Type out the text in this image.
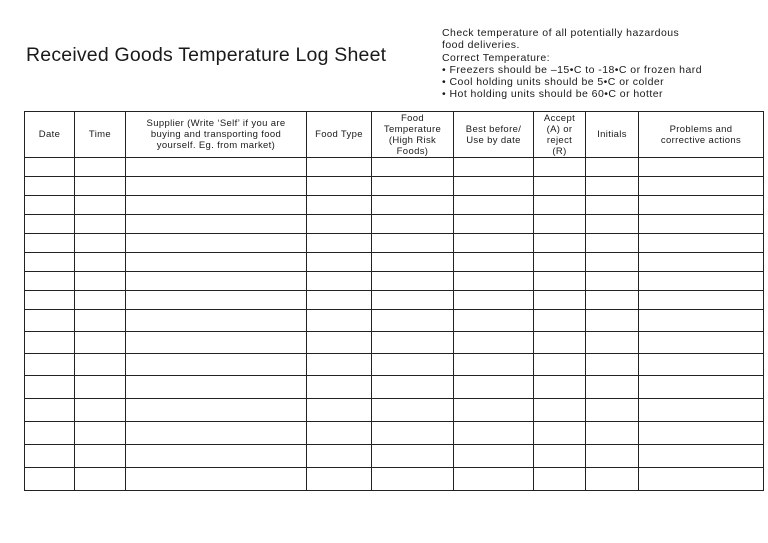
Received Goods Temperature Log Sheet
Check temperature of all potentially hazardous
food deliveries.
Correct Temperature:
• Freezers should be –15•C to -18•C or frozen hard
• Cool holding units should be 5•C or colder
• Hot holding units should be 60•C or hotter
Date	Time	Supplier (Write ‘Self’ if you are buying and transporting food yourself. Eg. from market)	Food Type	Food Temperature (High Risk Foods)	Best before/ Use by date	Accept (A) or reject (R)	Initials	Problems and corrective actions
